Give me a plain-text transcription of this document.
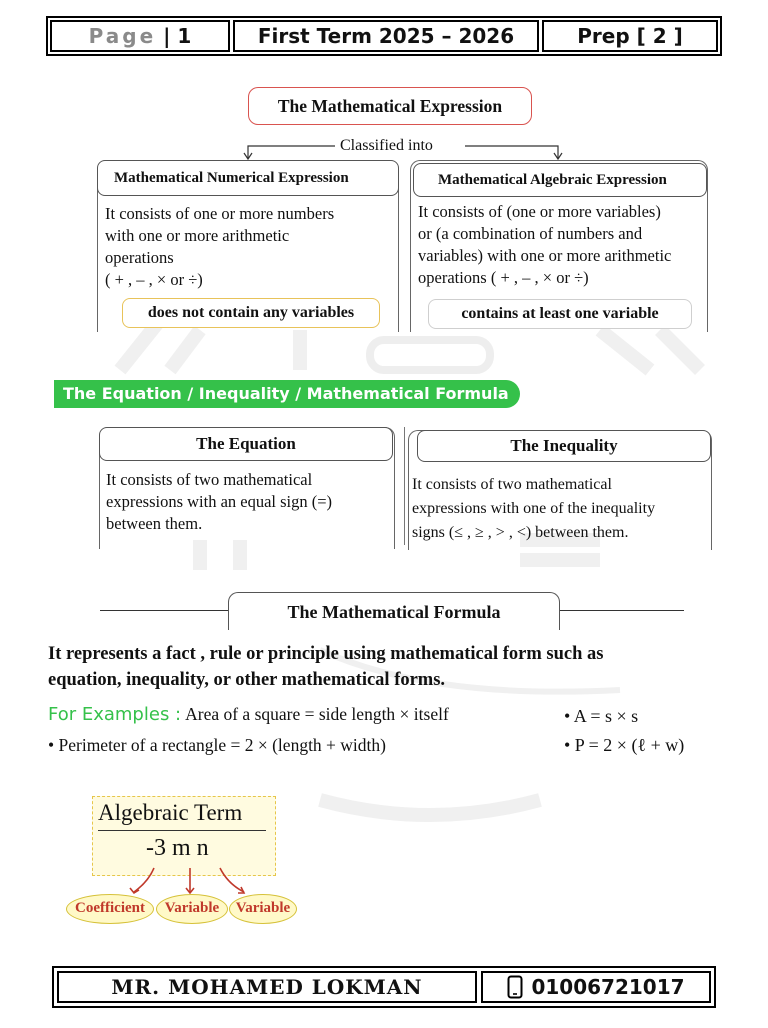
Page
| 1	First Term 2025 – 2026	Prep [ 2 ]
The Mathematical Expression
Classified into
Mathematical Numerical Expression
It consists of one or more numbers
with one or more arithmetic
operations
( + , – , × or ÷)
does not contain any variables
Mathematical Algebraic Expression
It consists of (one or more variables)
or (a combination of numbers and
variables) with one or more arithmetic
operations ( + , – , × or ÷)
contains at least one variable
The Equation / Inequality / Mathematical Formula
The Equation
It consists of two mathematical
expressions with an equal sign (=)
between them.
The Inequality
It consists of two mathematical
expressions with one of the inequality
signs (≤ , ≥ , > , <) between them.
The Mathematical Formula
It represents a fact , rule or principle using mathematical form such as
equation, inequality, or other mathematical forms.
For Examples : Area of a square = side length × itself	• A = s × s
• Perimeter of a rectangle = 2 × (length + width)	• P = 2 × (ℓ + w)
Algebraic Term
-3 m n
Coefficient	Variable	Variable
MR. MOHAMED LOKMAN	01006721017
